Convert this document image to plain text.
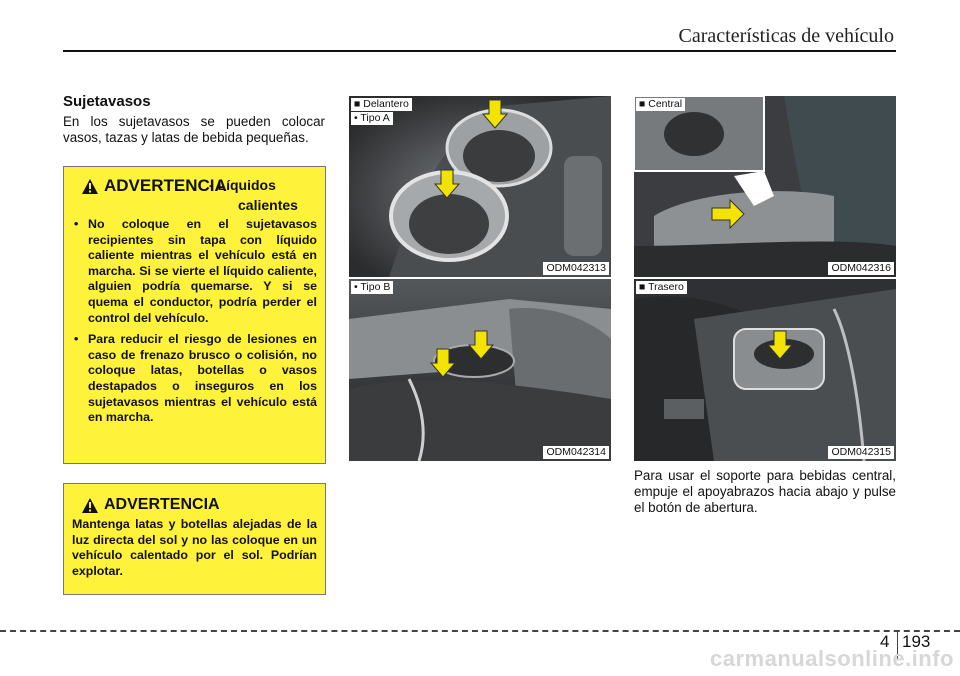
Características de vehículo
Sujetavasos
En los sujetavasos se pueden colocar vasos, tazas y latas de bebida pequeñas.
ADVERTENCIA
- Líquidos
calientes
• No coloque en el sujetavasos recipientes sin tapa con líquido caliente mientras el vehículo está en marcha. Si se vierte el líquido caliente, alguien podría quemarse. Y si se quema el conductor, podría perder el control del vehículo.
• Para reducir el riesgo de lesiones en caso de frenazo brusco o colisión, no coloque latas, botellas o vasos destapados o inseguros en los sujetavasos mientras el vehículo está en marcha.
ADVERTENCIA
Mantenga latas y botellas alejadas de la luz directa del sol y no las coloque en un vehículo calentado por el sol. Podrían explotar.
■ Delantero
• Tipo A
ODM042313
• Tipo B
ODM042314
■ Central
ODM042316
■ Trasero
ODM042315
Para usar el soporte para bebidas central, empuje el apoyabrazos hacia abajo y pulse el botón de abertura.
4 193
carmanualsonline.info
